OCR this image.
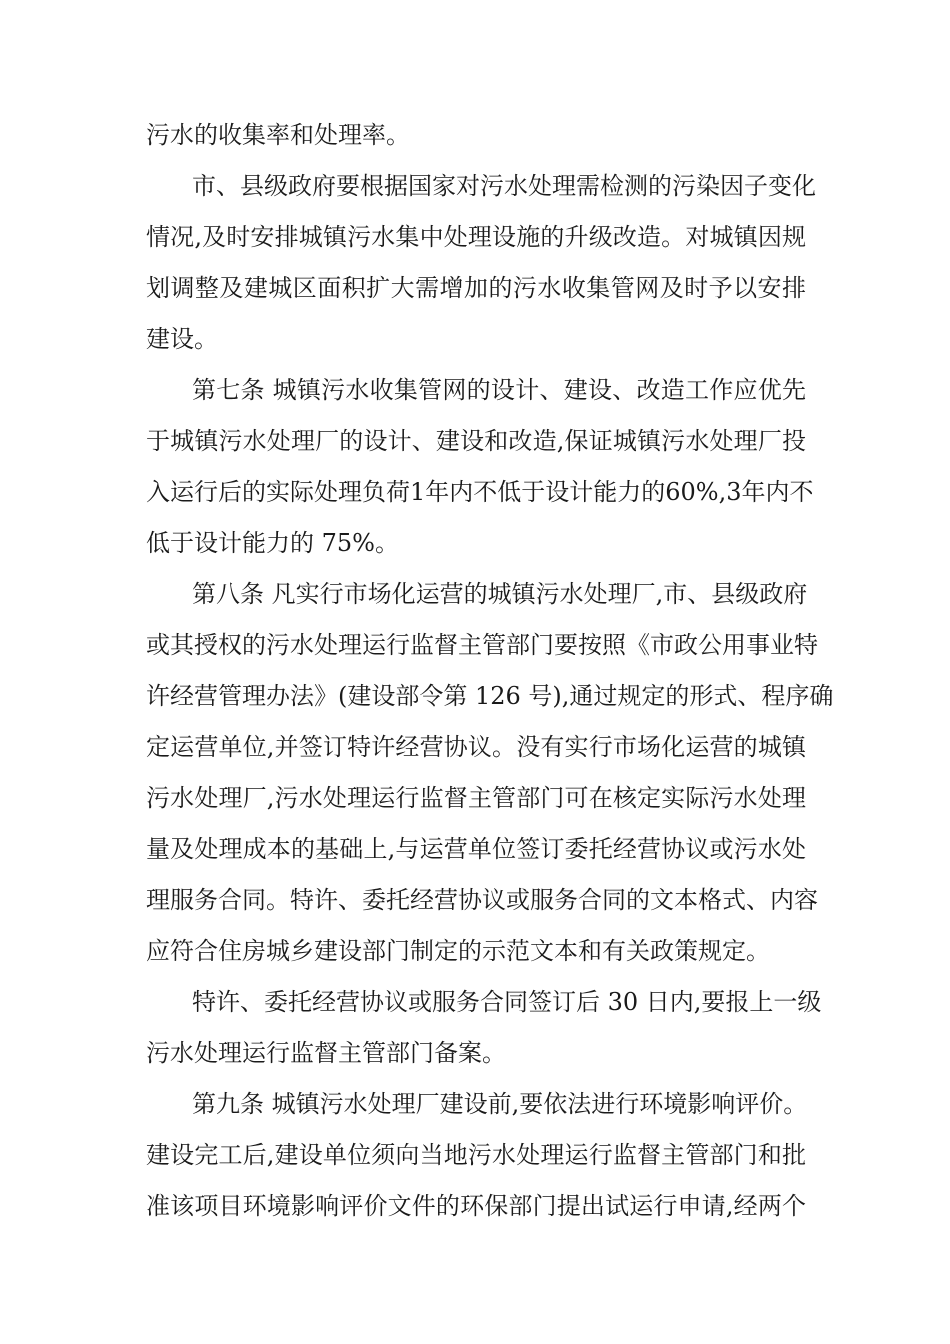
污水的收集率和处理率。
市、县级政府要根据国家对污水处理需检测的污染因子变化
情况,及时安排城镇污水集中处理设施的升级改造。对城镇因规
划调整及建城区面积扩大需增加的污水收集管网及时予以安排
建设。
第七条 城镇污水收集管网的设计、建设、改造工作应优先
于城镇污水处理厂的设计、建设和改造,保证城镇污水处理厂投
入运行后的实际处理负荷1年内不低于设计能力的60%,3年内不
低于设计能力的 75%。
第八条 凡实行市场化运营的城镇污水处理厂,市、县级政府
或其授权的污水处理运行监督主管部门要按照《市政公用事业特
许经营管理办法》(建设部令第 126 号),通过规定的形式、程序确
定运营单位,并签订特许经营协议。没有实行市场化运营的城镇
污水处理厂,污水处理运行监督主管部门可在核定实际污水处理
量及处理成本的基础上,与运营单位签订委托经营协议或污水处
理服务合同。特许、委托经营协议或服务合同的文本格式、内容
应符合住房城乡建设部门制定的示范文本和有关政策规定。
特许、委托经营协议或服务合同签订后 30 日内,要报上一级
污水处理运行监督主管部门备案。
第九条 城镇污水处理厂建设前,要依法进行环境影响评价。
建设完工后,建设单位须向当地污水处理运行监督主管部门和批
准该项目环境影响评价文件的环保部门提出试运行申请,经两个
